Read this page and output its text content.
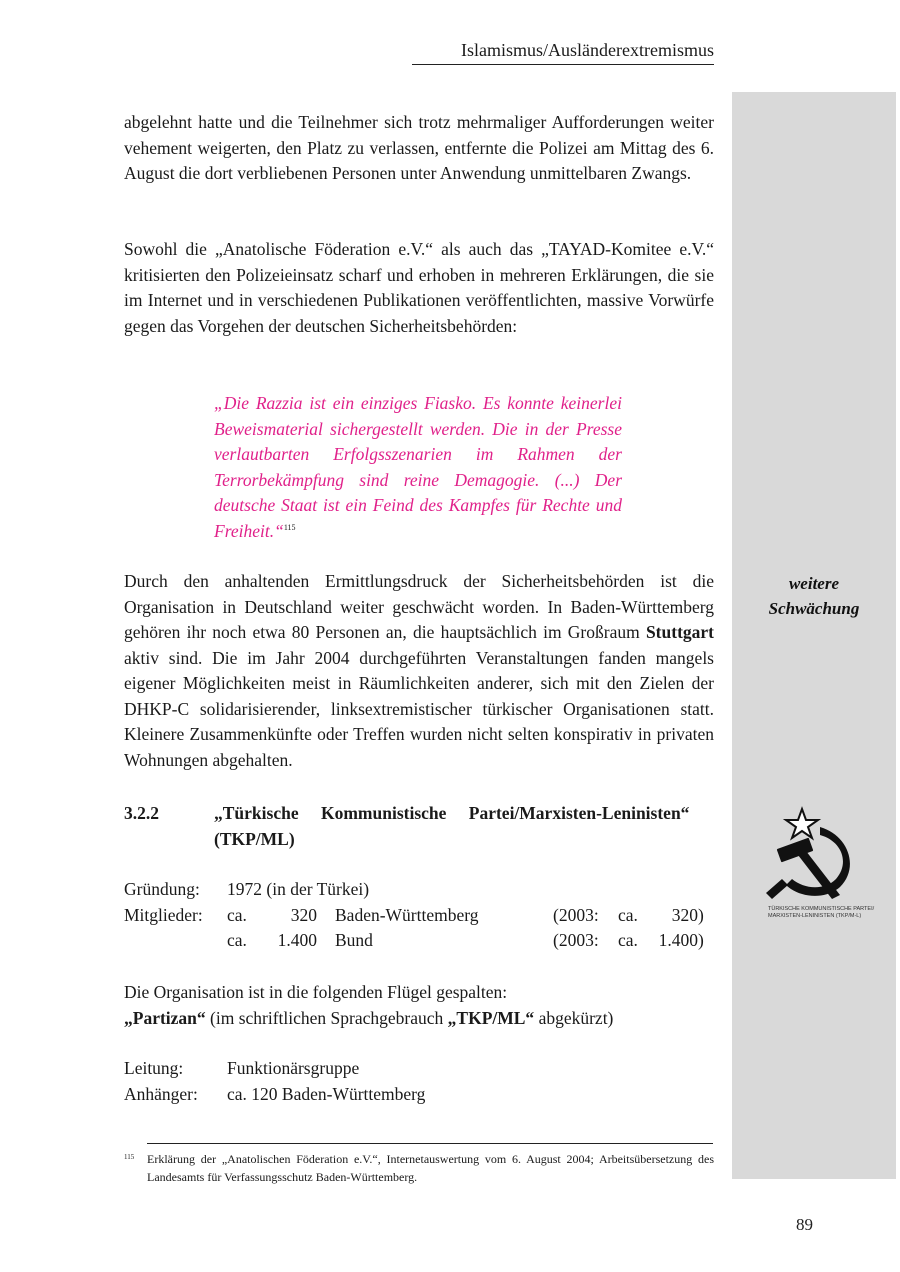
Islamismus/Ausländerextremismus
weitere
Schwächung
TÜRKISCHE KOMMUNISTISCHE PARTEI/ MARXISTEN-LENINISTEN (TKP/M-L)
abgelehnt hatte und die Teilnehmer sich trotz mehrmaliger Aufforderungen weiter vehement weigerten, den Platz zu verlassen, entfernte die Polizei am Mittag des 6. August die dort verbliebenen Personen unter Anwendung unmittelbaren Zwangs.
Sowohl die „Anatolische Föderation e.V.“ als auch das „TAYAD-Komitee e.V.“ kritisierten den Polizeieinsatz scharf und erhoben in mehreren Erklärungen, die sie im Internet und in verschiedenen Publikationen veröffentlichten, massive Vorwürfe gegen das Vorgehen der deutschen Sicherheitsbehörden:
„Die Razzia ist ein einziges Fiasko. Es konnte keinerlei Beweismaterial sichergestellt werden. Die in der Presse verlautbarten Erfolgsszenarien im Rahmen der Terrorbekämpfung sind reine Demagogie. (...) Der deutsche Staat ist ein Feind des Kampfes für Rechte und Freiheit.“$^{115}$
Durch den anhaltenden Ermittlungsdruck der Sicherheitsbehörden ist die Organisation in Deutschland weiter geschwächt worden. In Baden-Württemberg gehören ihr noch etwa 80 Personen an, die hauptsächlich im Großraum Stuttgart aktiv sind. Die im Jahr 2004 durchgeführten Veranstaltungen fanden mangels eigener Möglichkeiten meist in Räumlichkeiten anderer, sich mit den Zielen der DHKP-C solidarisierender, linksextremistischer türkischer Organisationen statt. Kleinere Zusammenkünfte oder Treffen wurden nicht selten konspirativ in privaten Wohnungen abgehalten.
3.2.2	„Türkische Kommunistische Partei/Marxisten-Leninisten“
(TKP/ML)
Gründung: 1972 (in der Türkei)
Mitglieder: ca.	320 Baden-Württemberg	(2003: ca.	320 )
ca. 1.400 Bund	(2003: ca. 1.400 )
Die Organisation ist in die folgenden Flügel gespalten:
„Partizan“ (im schriftlichen Sprachgebrauch „TKP/ML“ abgekürzt)
Leitung: Funktionärsgruppe
Anhänger: ca. 120 Baden-Württemberg
115 Erklärung der „Anatolischen Föderation e.V.“, Internetauswertung vom 6. August 2004; Arbeitsübersetzung des Landesamts für Verfassungsschutz Baden-Württemberg.
89
